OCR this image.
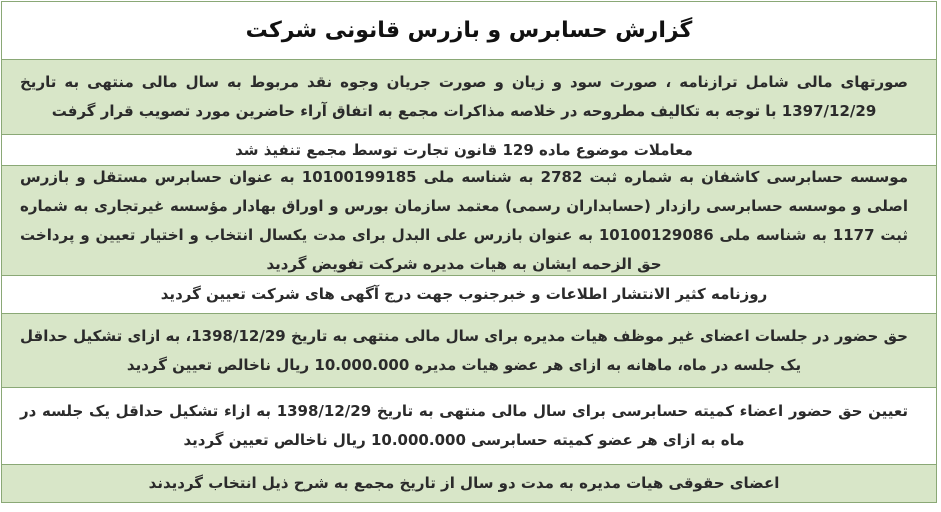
گزارش حسابرس و بازرس قانونی شرکت
صورتهای مالی شامل ترازنامه ، صورت سود و زیان و صورت جریان وجوه نقد مربوط به سال مالی منتهی به تاریخ 1397/12/29 با توجه به تکالیف مطروحه در خلاصه مذاکرات مجمع به اتفاق آراء حاضرین مورد تصویب قرار گرفت
معاملات موضوع ماده 129 قانون تجارت توسط مجمع تنفیذ شد
موسسه حسابرسی کاشفان به شماره ثبت 2782 به شناسه ملی 10100199185 به عنوان حسابرس مستقل و بازرس اصلی و موسسه حسابرسی رازدار (حسابداران رسمی) معتمد سازمان بورس و اوراق بهادار مؤسسه غیرتجاری به شماره ثبت 1177 به شناسه ملی 10100129086 به عنوان بازرس علی البدل برای مدت یکسال انتخاب و اختیار تعیین و پرداخت حق الزحمه ایشان به هیات مدیره شرکت تفویض گردید
روزنامه کثیر الانتشار اطلاعات و خبرجنوب جهت درج آگهی های شرکت تعیین گردید
حق حضور در جلسات اعضای غیر موظف هیات مدیره برای سال مالی منتهی به تاریخ 1398/12/29، به ازای تشکیل حداقل یک جلسه در ماه، ماهانه به ازای هر عضو هیات مدیره 10.000.000 ریال ناخالص تعیین گردید
تعیین حق حضور اعضاء کمیته حسابرسی برای سال مالی منتهی به تاریخ 1398/12/29 به ازاء تشکیل حداقل یک جلسه در ماه به ازای هر عضو کمیته حسابرسی 10.000.000 ریال ناخالص تعیین گردید
اعضای حقوقی هیات مدیره به مدت دو سال از تاریخ مجمع به شرح ذیل انتخاب گردیدند
